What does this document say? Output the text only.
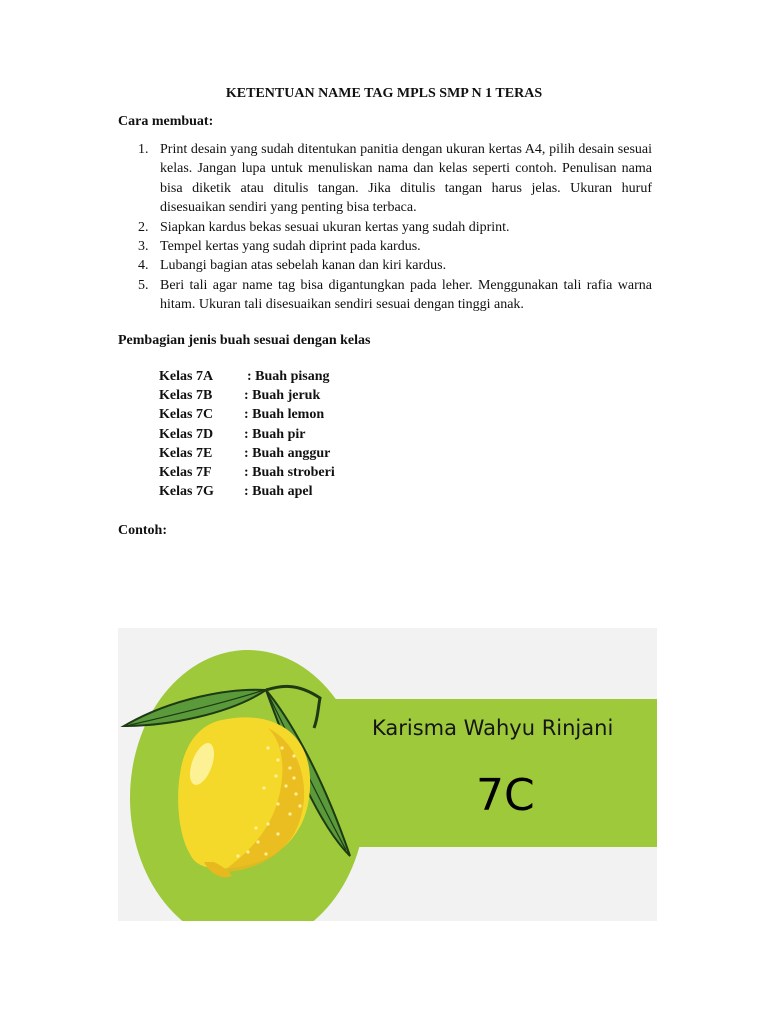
KETENTUAN NAME TAG MPLS SMP N 1 TERAS
Cara membuat:
1. Print desain yang sudah ditentukan panitia dengan ukuran kertas A4, pilih desain sesuai kelas. Jangan lupa untuk menuliskan nama dan kelas seperti contoh. Penulisan nama bisa diketik atau ditulis tangan. Jika ditulis tangan harus jelas. Ukuran huruf disesuaikan sendiri yang penting bisa terbaca.
2. Siapkan kardus bekas sesuai ukuran kertas yang sudah diprint.
3. Tempel kertas yang sudah diprint pada kardus.
4. Lubangi bagian atas sebelah kanan dan kiri kardus.
5. Beri tali agar name tag bisa digantungkan pada leher. Menggunakan tali rafia warna hitam. Ukuran tali disesuaikan sendiri sesuai dengan tinggi anak.
Pembagian jenis buah sesuai dengan kelas
Kelas 7A	: Buah pisang
Kelas 7B	: Buah jeruk
Kelas 7C	: Buah lemon
Kelas 7D	: Buah pir
Kelas 7E	: Buah anggur
Kelas 7F	: Buah stroberi
Kelas 7G	: Buah apel
Contoh:
Karisma Wahyu Rinjani
7C
